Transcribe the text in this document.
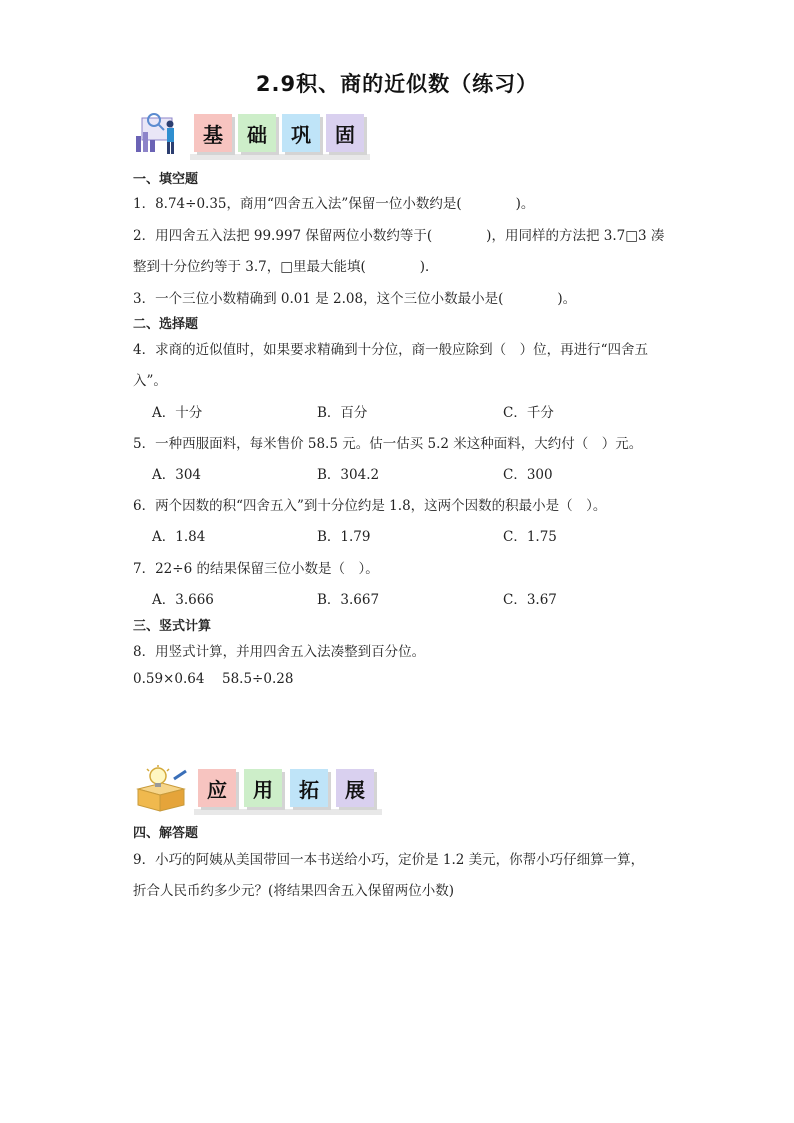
2.9积、商的近似数（练习）
基	础	巩	固
一、填空题
1．8.74÷0.35，商用“四舍五入法”保留一位小数约是(　　　　)。
2．用四舍五入法把 99.997 保留两位小数约等于(　　　　)，用同样的方法把 3.7□3 凑
整到十分位约等于 3.7，□里最大能填(　　　　)．
3．一个三位小数精确到 0.01 是 2.08，这个三位小数最小是(　　　　)。
二、选择题
4．求商的近似值时，如果要求精确到十分位，商一般应除到（　）位，再进行“四舍五
入”。
A．十分	B．百分	C．千分
5．一种西服面料，每米售价 58.5 元。估一估买 5.2 米这种面料，大约付（　）元。
A．304	B．304.2	C．300
6．两个因数的积“四舍五入”到十分位约是 1.8，这两个因数的积最小是（　）。
A．1.84	B．1.79	C．1.75
7．22÷6 的结果保留三位小数是（　）。
A．3.666	B．3.667	C．3.67
三、竖式计算
8．用竖式计算，并用四舍五入法凑整到百分位。
0.59×0.64 58.5÷0.28
应	用	拓	展
四、解答题
9．小巧的阿姨从美国带回一本书送给小巧，定价是 1.2 美元，你帮小巧仔细算一算，
折合人民币约多少元？(将结果四舍五入保留两位小数)
